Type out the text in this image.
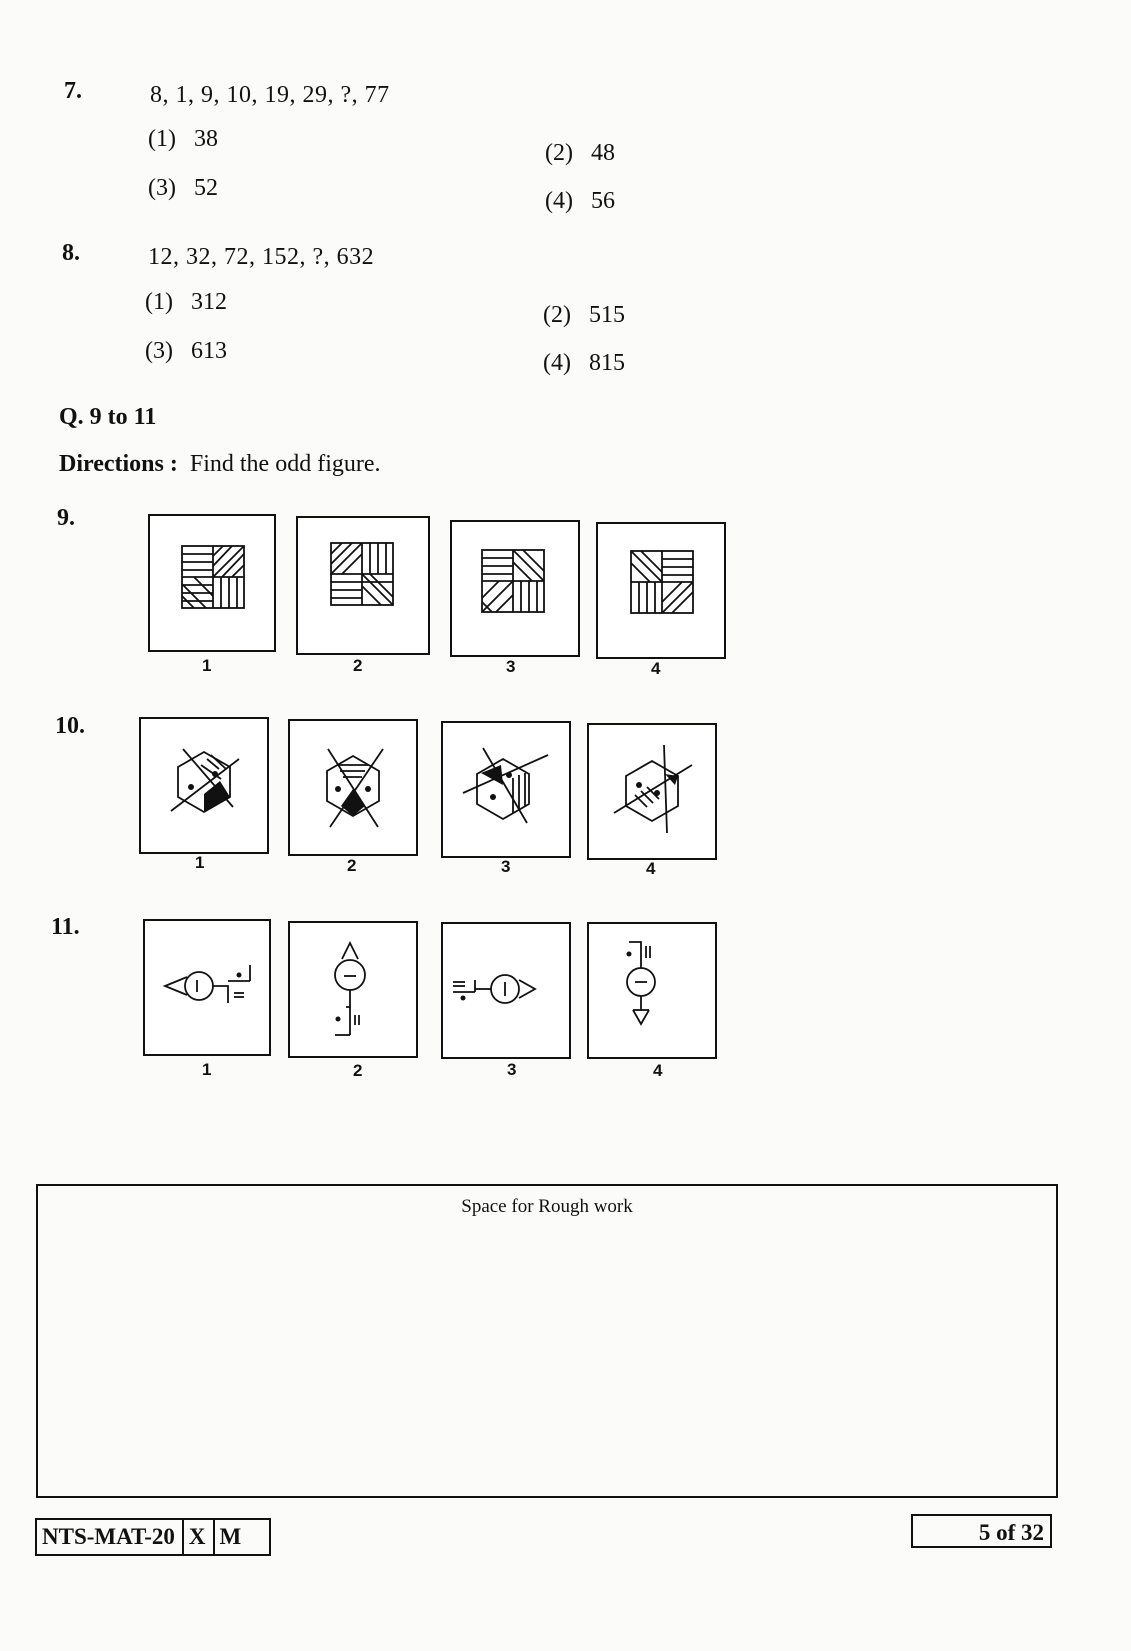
7.	8, 1, 9, 10, 19, 29, ?, 77
(1) 38
(2) 48
(3) 52	(4) 56
8.	12, 32, 72, 152, ?, 632
(1) 312	(2) 515
(3) 613	(4) 815
Q. 9 to 11
Directions : Find the odd figure.
9.
1	2	3	4
10.
1	2	3	4
11.
1	2	3	4
Space for Rough work
NTS-MAT-20 X M	5 of 32
